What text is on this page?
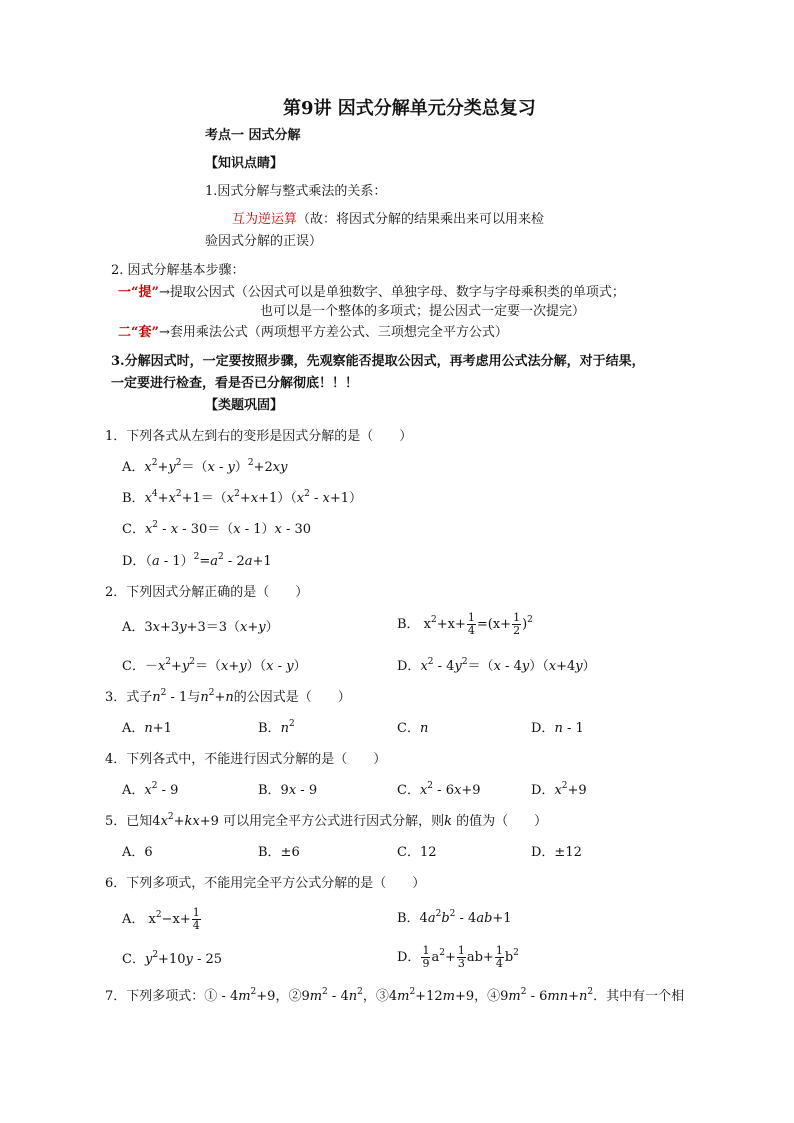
第9讲 因式分解单元分类总复习
考点一 因式分解
【知识点睛】
1.因式分解与整式乘法的关系：
互为逆运算（故：将因式分解的结果乘出来可以用来检
验因式分解的正误）
2. 因式分解基本步骤：
一“提”→提取公因式（公因式可以是单独数字、单独字母、数字与字母乘积类的单项式；
也可以是一个整体的多项式；提公因式一定要一次提完）
二“套”→套用乘法公式（两项想平方差公式、三项想完全平方公式）
3.分解因式时，一定要按照步骤，先观察能否提取公因式，再考虑用公式法分解，对于结果，
一定要进行检查，看是否已分解彻底！！！
【类题巩固】
1．下列各式从左到右的变形是因式分解的是（　　）
A．$x^2+y^2=(x - y)^2+2xy$
B．$x^4+x^2+1=(x^2+x+1)(x^2 - x+1)$
C．$x^2 - x - 30=(x - 1)x - 30$
D．$(a - 1)^2=a^2 - 2a+1$
2．下列因式分解正确的是（　　）
A．3x+3y+3＝3（x+y）	B． $x^2+x+ \frac{1}{4} =(x+ \frac{1}{2} )^2$
C．$-x^2+y^2=(x+y)(x - y)$	D．$x^2 - 4y^2=(x - 4y)(x+4y)$
3．式子$n^2 - 1$与$n^2+n$的公因式是（　　）
A．n+1	B．$n^2$	C．n	D．n - 1
4．下列各式中，不能进行因式分解的是（　　）
A．$x^2 - 9$	B．9x - 9	C．$x^2 - 6x+9$	D．$x^2+9$
5．已知$4x^2+kx+9$ 可以用完全平方公式进行因式分解，则k 的值为（　　）
A．6	B．±6	C．12	D．±12
6．下列多项式，不能用完全平方公式分解的是（　　）
A． $x^2-x+ \frac{1}{4}$	B．$4a^2b^2 - 4ab+1$
C．$y^2+10y - 25$	D． $\frac{1}{9} a^2+ \frac{1}{3} ab+ \frac{1}{4} b^2$
7．下列多项式：① - $4m^2+9$，$②9m^2 - 4n^2$，$③4m^2+12m+9$，$④9m^2 - 6mn+n^2$．其中有一个相
